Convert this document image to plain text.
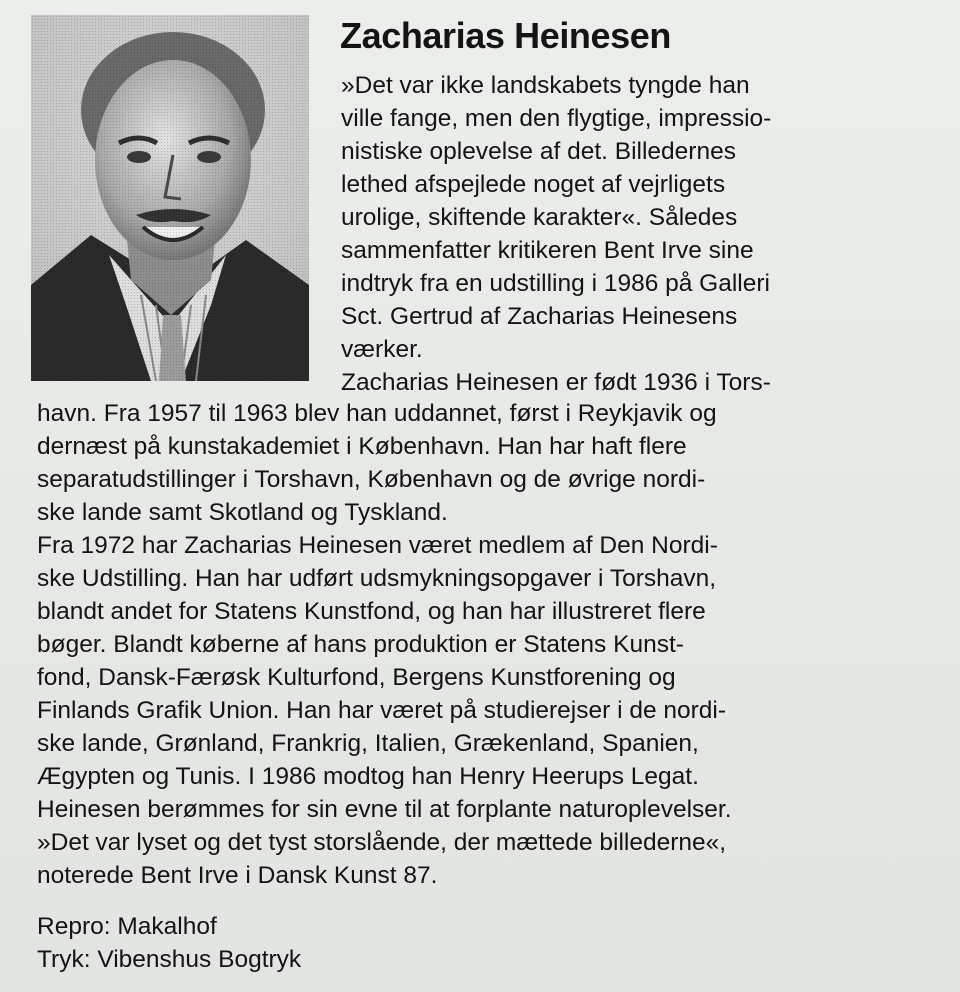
Zacharias Heinesen

»Det var ikke landskabets tyngde han

ville fange, men den flygtige, impressio-

nistiske oplevelse af det. Billedernes

lethed afspejlede noget af vejrligets

urolige, skiftende karakter«. Således

sammenfatter kritikeren Bent Irve sine

indtryk fra en udstilling i 1986 på Galleri

Sct. Gertrud af Zacharias Heinesens

værker.

Zacharias Heinesen er født 1936 i Tors-

havn. Fra 1957 til 1963 blev han uddannet, først i Reykjavik og

dernæst på kunstakademiet i København. Han har haft flere

separatudstillinger i Torshavn, København og de øvrige nordi-

ske lande samt Skotland og Tyskland.

Fra 1972 har Zacharias Heinesen været medlem af Den Nordi-

ske Udstilling. Han har udført udsmykningsopgaver i Torshavn,

blandt andet for Statens Kunstfond, og han har illustreret flere

bøger. Blandt køberne af hans produktion er Statens Kunst-

fond, Dansk-Færøsk Kulturfond, Bergens Kunstforening og

Finlands Grafik Union. Han har været på studierejser i de nordi-

ske lande, Grønland, Frankrig, Italien, Grækenland, Spanien,

Ægypten og Tunis. I 1986 modtog han Henry Heerups Legat.

Heinesen berømmes for sin evne til at forplante naturoplevelser.

»Det var lyset og det tyst storslående, der mættede billederne«,

noterede Bent Irve i Dansk Kunst 87.

Repro: Makalhof

Tryk: Vibenshus Bogtryk
